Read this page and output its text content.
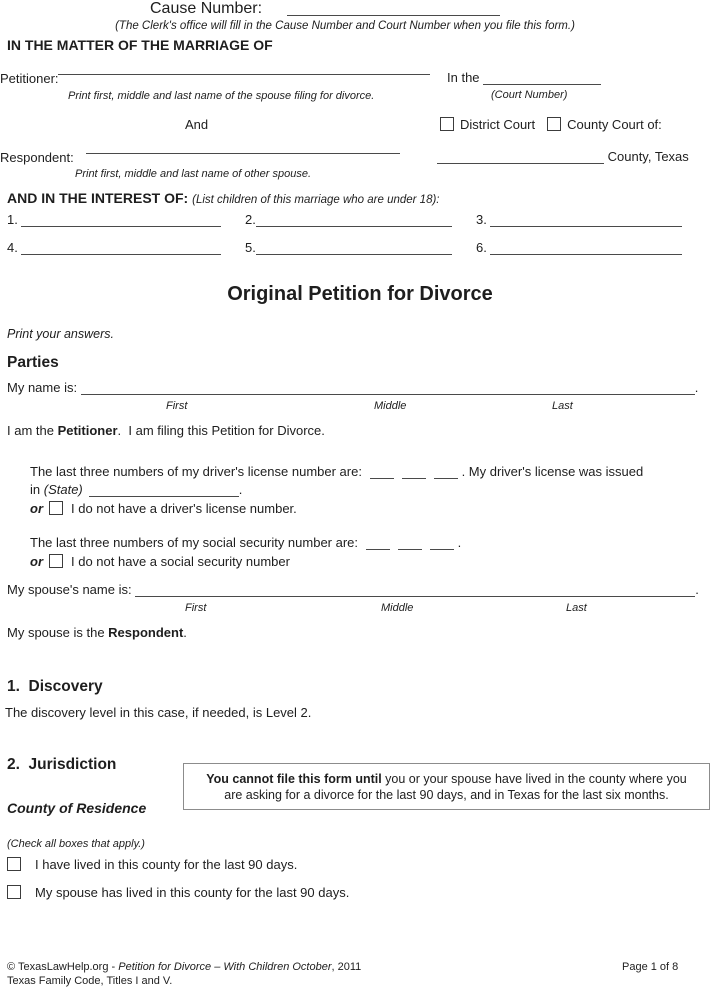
Cause Number:
(The Clerk's office will fill in the Cause Number and Court Number when you file this form.)
IN THE MATTER OF THE MARRIAGE OF
Petitioner:
Print first, middle and last name of the spouse filing for divorce.
In the
(Court Number)
And	District Court County Court of:
Respondent:
Print first, middle and last name of other spouse.
County, Texas
AND IN THE INTEREST OF: (List children of this marriage who are under 18):
1.	2.	3.
4.	5.	6.
Original Petition for Divorce
Print your answers.
Parties
My name is:	.
First	Middle	Last
I am the Petitioner.  I am filing this Petition for Divorce.
The last three numbers of my driver's license number are:	. My driver's license was issued
in (State)	.
or I do not have a driver's license number.
The last three numbers of my social security number are:	.
or I do not have a social security number
My spouse's name is:	.
First	Middle	Last
My spouse is the Respondent.
1.  Discovery
The discovery level in this case, if needed, is Level 2.
2.  Jurisdiction
You cannot file this form until you or your spouse have lived in the county where you
are asking for a divorce for the last 90 days, and in Texas for the last six months.
County of Residence
(Check all boxes that apply.)
I have lived in this county for the last 90 days.
My spouse has lived in this county for the last 90 days.
© TexasLawHelp.org - Petition for Divorce – With Children October, 2011
Texas Family Code, Titles I and V.
Page 1 of 8
